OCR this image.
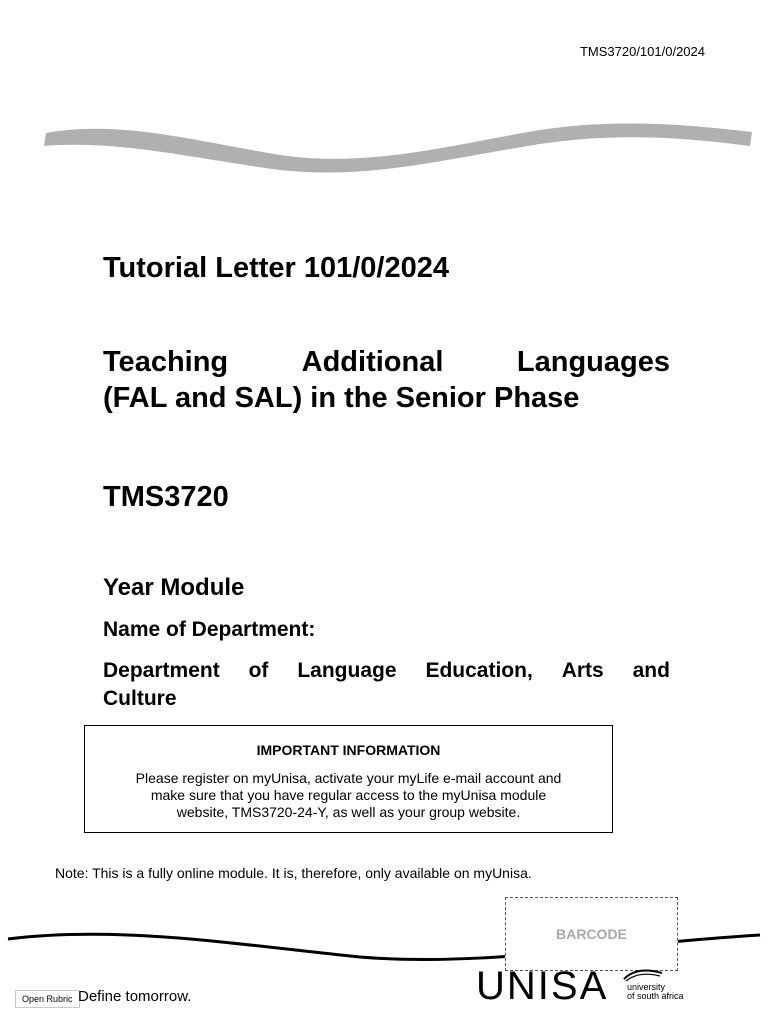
TMS3720/101/0/2024
Tutorial Letter 101/0/2024
Teaching	Additional	Languages
(FAL and SAL) in the Senior Phase
TMS3720
Year Module
Name of Department:
Department of Language Education, Arts and
Culture
IMPORTANT INFORMATION
Please register on myUnisa, activate your myLife e-mail account and
make sure that you have regular access to the myUnisa module
website, TMS3720-24-Y, as well as your group website.
Note: This is a fully online module. It is, therefore, only available on myUnisa.
BARCODE
Open Rubric Define tomorrow.	UNISA university
of south africa
